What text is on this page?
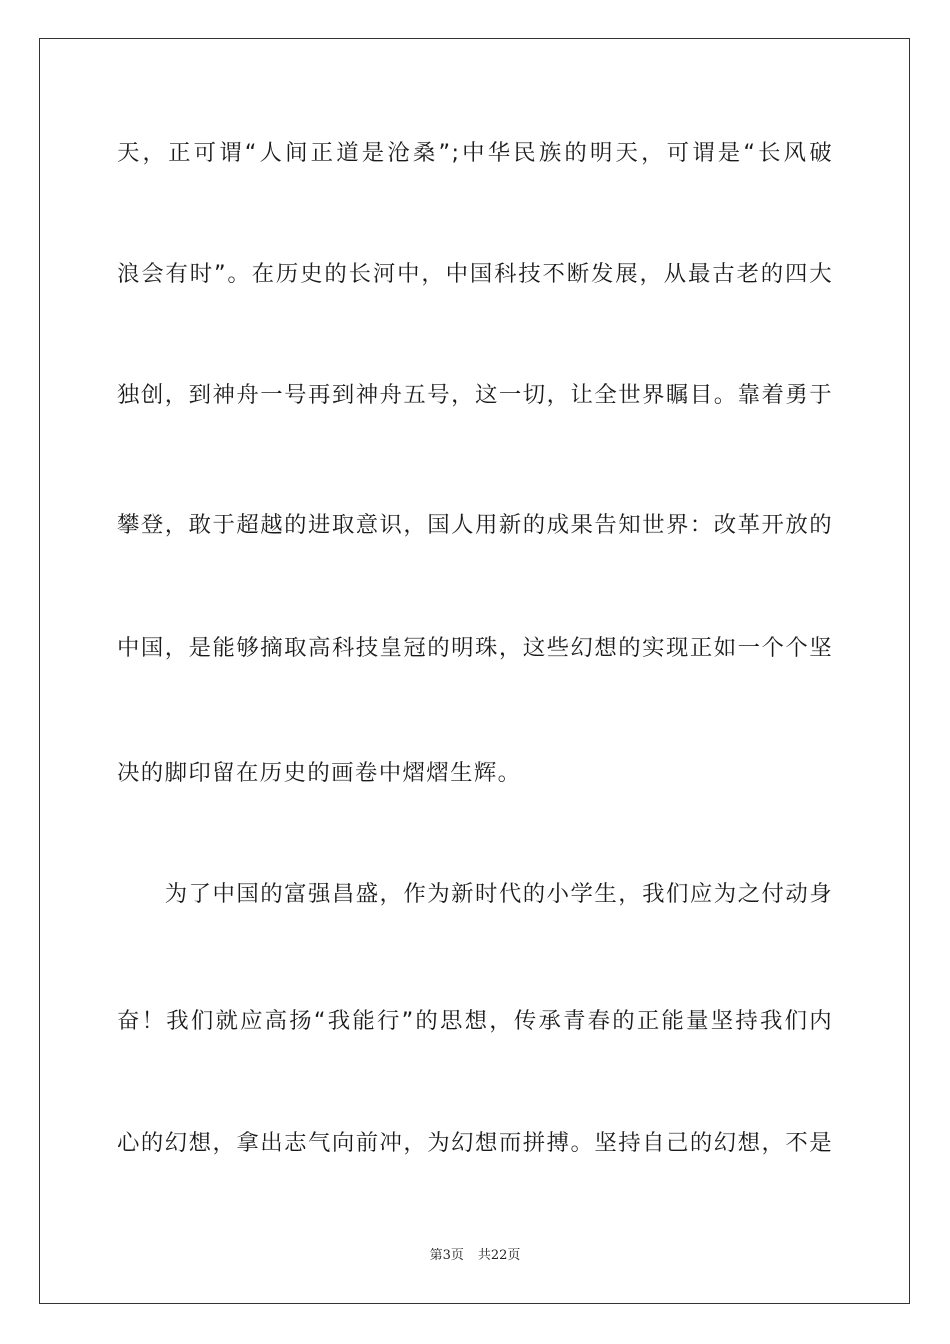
天，正可谓“人间正道是沧桑”;中华民族的明天，可谓是“长风破
浪会有时”。在历史的长河中，中国科技不断发展，从最古老的四大
独创，到神舟一号再到神舟五号，这一切，让全世界瞩目。靠着勇于
攀登，敢于超越的进取意识，国人用新的成果告知世界：改革开放的
中国，是能够摘取高科技皇冠的明珠，这些幻想的实现正如一个个坚
决的脚印留在历史的画卷中熠熠生辉。
　　为了中国的富强昌盛，作为新时代的小学生，我们应为之付动身
奋！我们就应高扬“我能行”的思想，传承青春的正能量坚持我们内
心的幻想，拿出志气向前冲，为幻想而拼搏。坚持自己的幻想，不是
第3页 共22页
